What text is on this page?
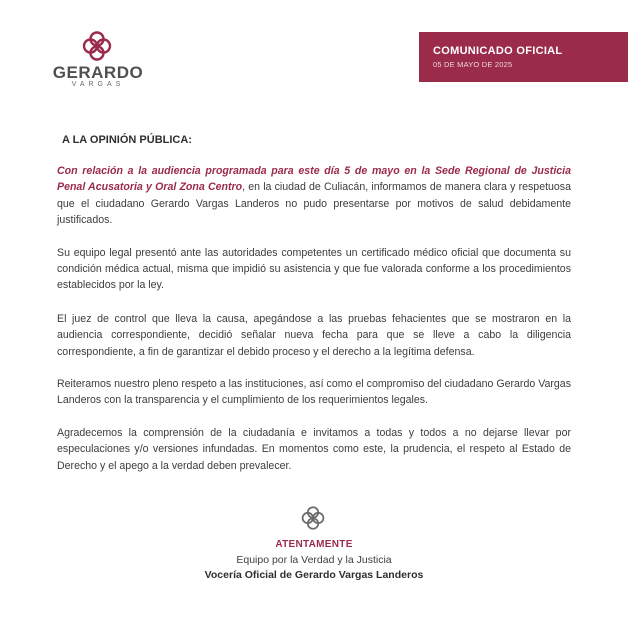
GERARDO
VARGAS
COMUNICADO OFICIAL
05 DE MAYO DE 2025
A LA OPINIÓN PÚBLICA:

Con relación a la audiencia programada para este día 5 de mayo en la Sede Regional de Justicia Penal Acusatoria y Oral Zona Centro, en la ciudad de Culiacán, informamos de manera clara y respetuosa que el ciudadano Gerardo Vargas Landeros no pudo presentarse por motivos de salud debidamente justificados.

Su equipo legal presentó ante las autoridades competentes un certificado médico oficial que documenta su condición médica actual, misma que impidió su asistencia y que fue valorada conforme a los procedimientos establecidos por la ley.

El juez de control que lleva la causa, apegándose a las pruebas fehacientes que se mostraron en la audiencia correspondiente, decidió señalar nueva fecha para que se lleve a cabo la diligencia correspondiente, a fin de garantizar el debido proceso y el derecho a la legítima defensa.

Reiteramos nuestro pleno respeto a las instituciones, así como el compromiso del ciudadano Gerardo Vargas Landeros con la transparencia y el cumplimiento de los requerimientos legales.

Agradecemos la comprensión de la ciudadanía e invitamos a todas y todos a no dejarse llevar por especulaciones y/o versiones infundadas. En momentos como este, la prudencia, el respeto al Estado de Derecho y el apego a la verdad deben prevalecer.

ATENTAMENTE
Equipo por la Verdad y la Justicia
Vocería Oficial de Gerardo Vargas Landeros
